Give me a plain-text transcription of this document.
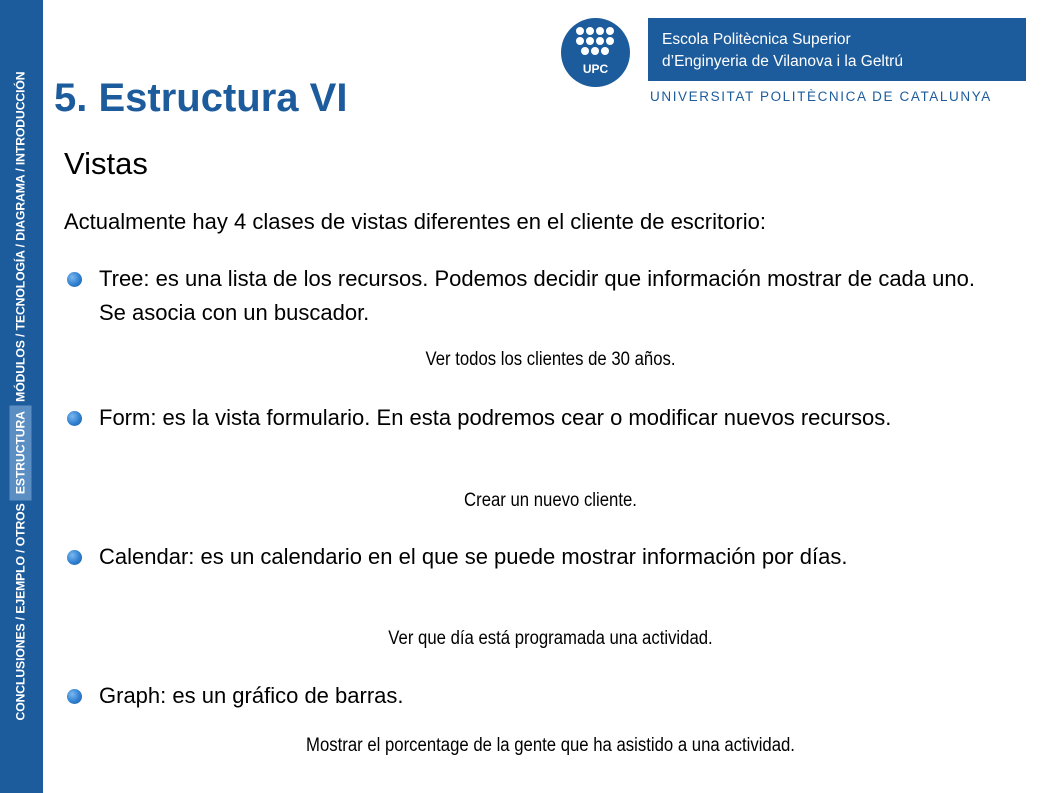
CONCLUSIONES / EJEMPLO / OTROS ESTRUCTURA MÓDULOS / TECNOLOGÍA / DIAGRAMA / INTRODUCCIÓN 5. Estructura VI
UPC
Escola Politècnica Superior
d’Enginyeria de Vilanova i la Geltrú
UNIVERSITAT POLITÈCNICA DE CATALUNYA
Vistas
Actualmente hay 4 clases de vistas diferentes en el cliente de escritorio:
Tree: es una lista de los recursos. Podemos decidir que información mostrar de cada uno. Se asocia con un buscador.
Ver todos los clientes de 30 años.
Form: es la vista formulario. En esta podremos cear o modificar nuevos recursos.
Crear un nuevo cliente.
Calendar: es un calendario en el que se puede mostrar información por días.
Ver que día está programada una actividad.
Graph: es un gráfico de barras.
Mostrar el porcentage de la gente que ha asistido a una actividad.
